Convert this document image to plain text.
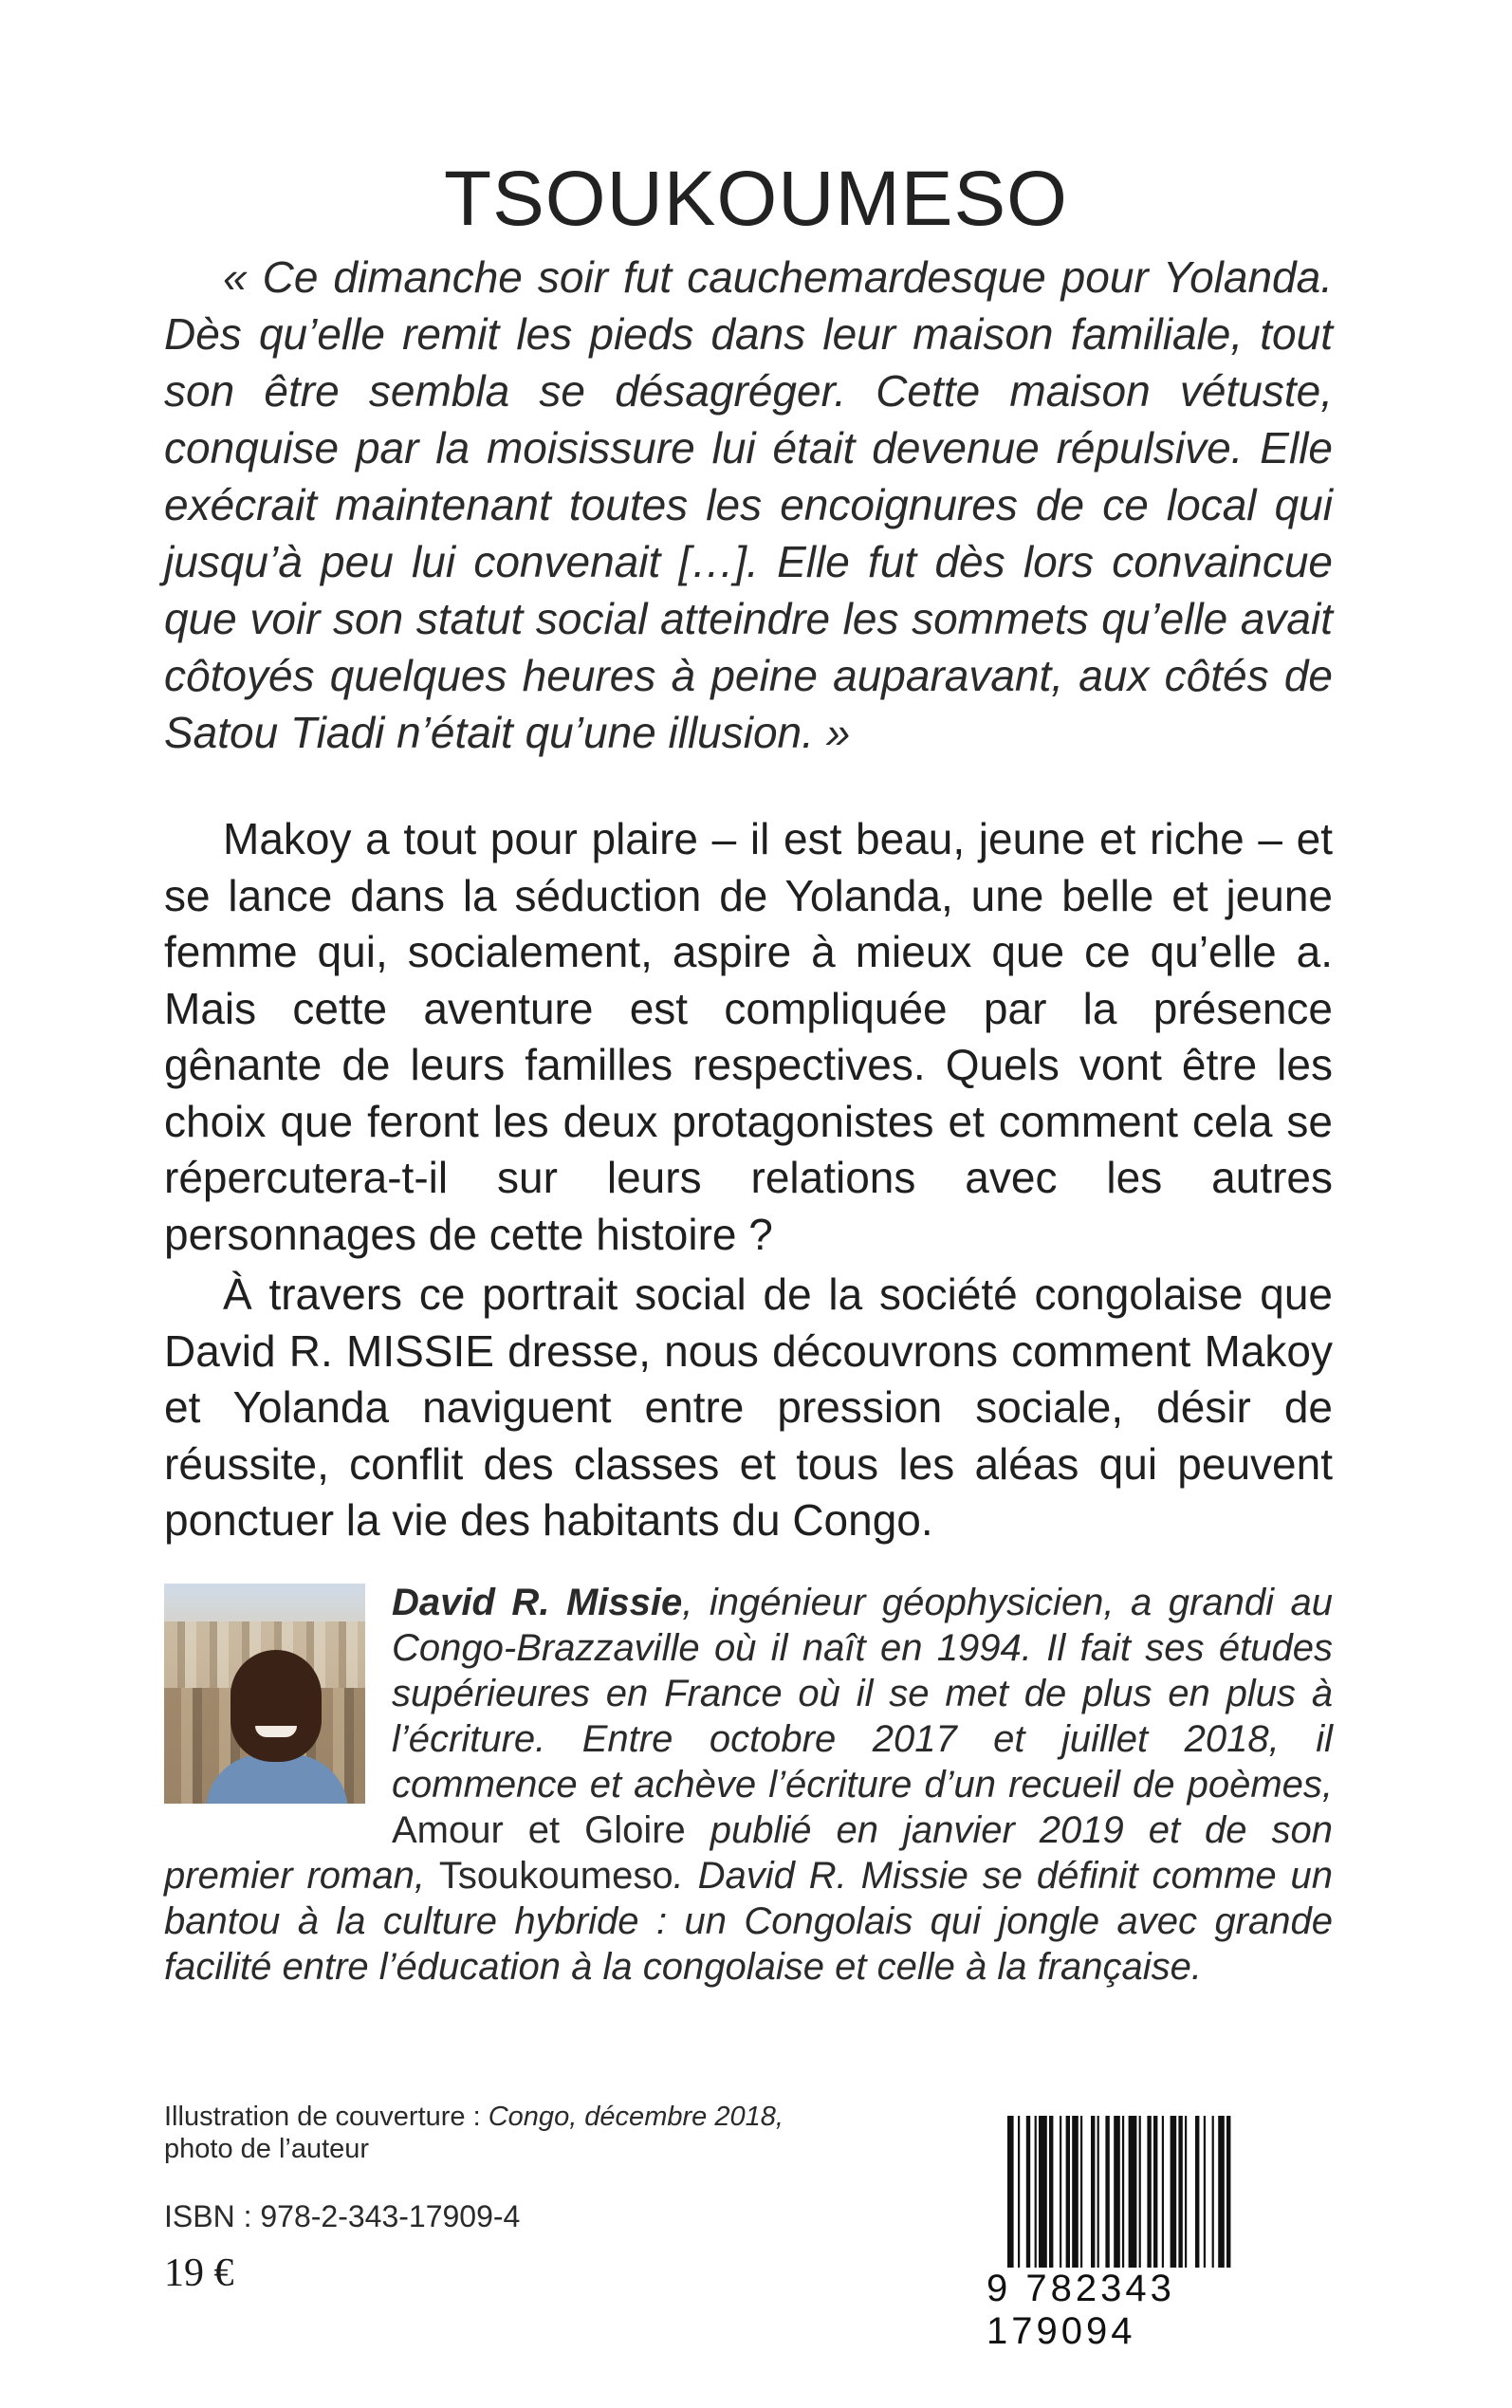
TSOUKOUMESO

« Ce dimanche soir fut cauchemardesque pour Yolanda. Dès qu’elle remit les pieds dans leur maison familiale, tout son être sembla se désagréger. Cette maison vétuste, conquise par la moisissure lui était devenue répulsive. Elle exécrait maintenant toutes les encoignures de ce local qui jusqu’à peu lui convenait […]. Elle fut dès lors convaincue que voir son statut social atteindre les sommets qu’elle avait côtoyés quelques heures à peine auparavant, aux côtés de Satou Tiadi n’était qu’une illusion. »

Makoy a tout pour plaire – il est beau, jeune et riche – et se lance dans la séduction de Yolanda, une belle et jeune femme qui, socialement, aspire à mieux que ce qu’elle a. Mais cette aventure est compliquée par la présence gênante de leurs familles respectives. Quels vont être les choix que feront les deux protagonistes et comment cela se répercutera-t-il sur leurs relations avec les autres personnages de cette histoire ?

À travers ce portrait social de la société congolaise que David R. MISSIE dresse, nous découvrons comment Makoy et Yolanda naviguent entre pression sociale, désir de réussite, conflit des classes et tous les aléas qui peuvent ponctuer la vie des habitants du Congo.

David R. Missie, ingénieur géophysicien, a grandi au Congo-Brazzaville où il naît en 1994. Il fait ses études supérieures en France où il se met de plus en plus à l’écriture. Entre octobre 2017 et juillet 2018, il commence et achève l’écriture d’un recueil de poèmes, Amour et Gloire publié en janvier 2019 et de son premier roman, Tsoukoumeso. David R. Missie se définit comme un bantou à la culture hybride : un Congolais qui jongle avec grande facilité entre l’éducation à la congolaise et celle à la française.
Illustration de couverture : Congo, décembre 2018,
photo de l’auteur
ISBN : 978-2-343-17909-4
19 €	9 782343 179094
